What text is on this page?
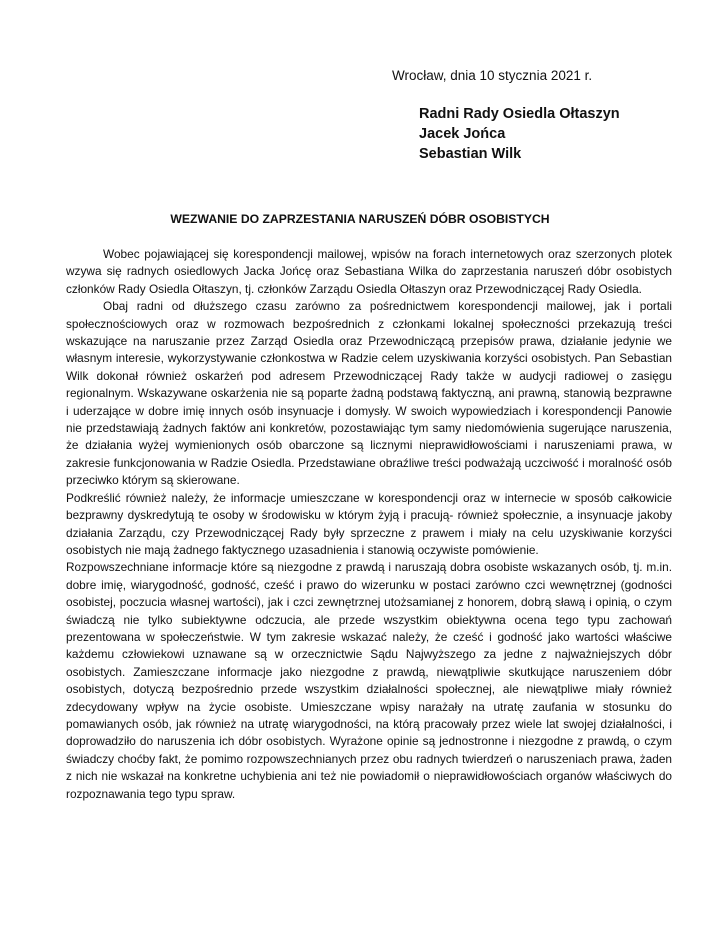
Wrocław, dnia 10 stycznia 2021 r.
Radni Rady Osiedla Ołtaszyn
Jacek Jońca
Sebastian Wilk
WEZWANIE DO ZAPRZESTANIA NARUSZEŃ DÓBR OSOBISTYCH

Wobec pojawiającej się korespondencji mailowej, wpisów na forach internetowych oraz szerzonych plotek wzywa się radnych osiedlowych Jacka Jońcę oraz Sebastiana Wilka do zaprzestania naruszeń dóbr osobistych członków Rady Osiedla Ołtaszyn, tj. członków Zarządu Osiedla Ołtaszyn oraz Przewodniczącej Rady Osiedla.

Obaj radni od dłuższego czasu zarówno za pośrednictwem korespondencji mailowej, jak i portali społecznościowych oraz w rozmowach bezpośrednich z członkami lokalnej społeczności przekazują treści wskazujące na naruszanie przez Zarząd Osiedla oraz Przewodniczącą przepisów prawa, działanie jedynie we własnym interesie, wykorzystywanie członkostwa w Radzie celem uzyskiwania korzyści osobistych. Pan Sebastian Wilk dokonał również oskarżeń pod adresem Przewodniczącej Rady także w audycji radiowej o zasięgu regionalnym. Wskazywane oskarżenia nie są poparte żadną podstawą faktyczną, ani prawną, stanowią bezprawne i uderzające w dobre imię innych osób insynuacje i domysły. W swoich wypowiedziach i korespondencji Panowie nie przedstawiają żadnych faktów ani konkretów, pozostawiając tym samy niedomówienia sugerujące naruszenia, że działania wyżej wymienionych osób obarczone są licznymi nieprawidłowościami i naruszeniami prawa, w zakresie funkcjonowania w Radzie Osiedla. Przedstawiane obraźliwe treści podważają uczciwość i moralność osób przeciwko którym są skierowane.

Podkreślić również należy, że informacje umieszczane w korespondencji oraz w internecie w sposób całkowicie bezprawny dyskredytują te osoby w środowisku w którym żyją i pracują- również społecznie, a insynuacje jakoby działania Zarządu, czy Przewodniczącej Rady były sprzeczne z prawem i miały na celu uzyskiwanie korzyści osobistych nie mają żadnego faktycznego uzasadnienia i stanowią oczywiste pomówienie.

Rozpowszechniane informacje które są niezgodne z prawdą i naruszają dobra osobiste wskazanych osób, tj. m.in. dobre imię, wiarygodność, godność, cześć i prawo do wizerunku w postaci zarówno czci wewnętrznej (godności osobistej, poczucia własnej wartości), jak i czci zewnętrznej utożsamianej z honorem, dobrą sławą i opinią, o czym świadczą nie tylko subiektywne odczucia, ale przede wszystkim obiektywna ocena tego typu zachowań prezentowana w społeczeństwie. W tym zakresie wskazać należy, że cześć i godność jako wartości właściwe każdemu człowiekowi uznawane są w orzecznictwie Sądu Najwyższego za jedne z najważniejszych dóbr osobistych. Zamieszczane informacje jako niezgodne z prawdą, niewątpliwie skutkujące naruszeniem dóbr osobistych, dotyczą bezpośrednio przede wszystkim działalności społecznej, ale niewątpliwe miały również zdecydowany wpływ na życie osobiste. Umieszczane wpisy narażały na utratę zaufania w stosunku do pomawianych osób, jak również na utratę wiarygodności, na którą pracowały przez wiele lat swojej działalności, i doprowadziło do naruszenia ich dóbr osobistych. Wyrażone opinie są jednostronne i niezgodne z prawdą, o czym świadczy choćby fakt, że pomimo rozpowszechnianych przez obu radnych twierdzeń o naruszeniach prawa, żaden z nich nie wskazał na konkretne uchybienia ani też nie powiadomił o nieprawidłowościach organów właściwych do rozpoznawania tego typu spraw.
